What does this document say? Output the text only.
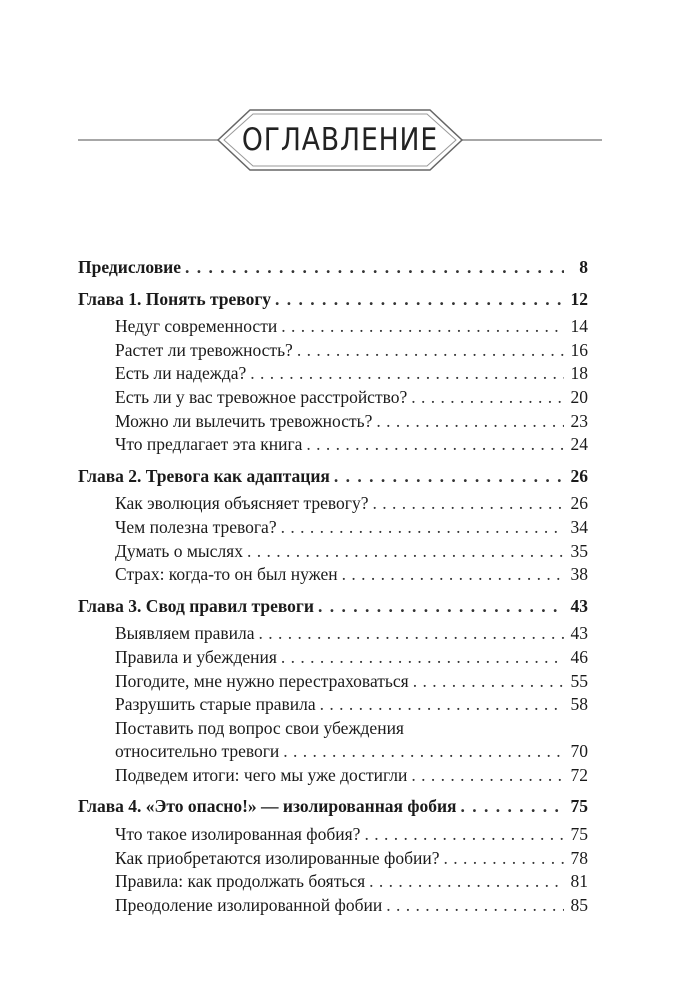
ОГЛАВЛЕНИЕ
Предисловие . . .	8
Глава 1. Понять тревогу . . .	12
Недуг современности . . .	14
Растет ли тревожность? . . .	16
Есть ли надежда? . . .	18
Есть ли у вас тревожное расстройство? . . .	20
Можно ли вылечить тревожность? . . .	23
Что предлагает эта книга . . .	24
Глава 2. Тревога как адаптация . . .	26
Как эволюция объясняет тревогу? . . .	26
Чем полезна тревога? . . .	34
Думать о мыслях . . .	35
Страх: когда-то он был нужен . . .	38
Глава 3. Свод правил тревоги . . .	43
Выявляем правила . . .	43
Правила и убеждения . . .	46
Погодите, мне нужно перестраховаться . . .	55
Разрушить старые правила . . .	58
Поставить под вопрос свои убеждения
относительно тревоги . . .	70
Подведем итоги: чего мы уже достигли . . .	72
Глава 4. «Это опасно!» — изолированная фобия . . .	75
Что такое изолированная фобия? . . .	75
Как приобретаются изолированные фобии? . . .	78
Правила: как продолжать бояться . . .	81
Преодоление изолированной фобии . . .	85
